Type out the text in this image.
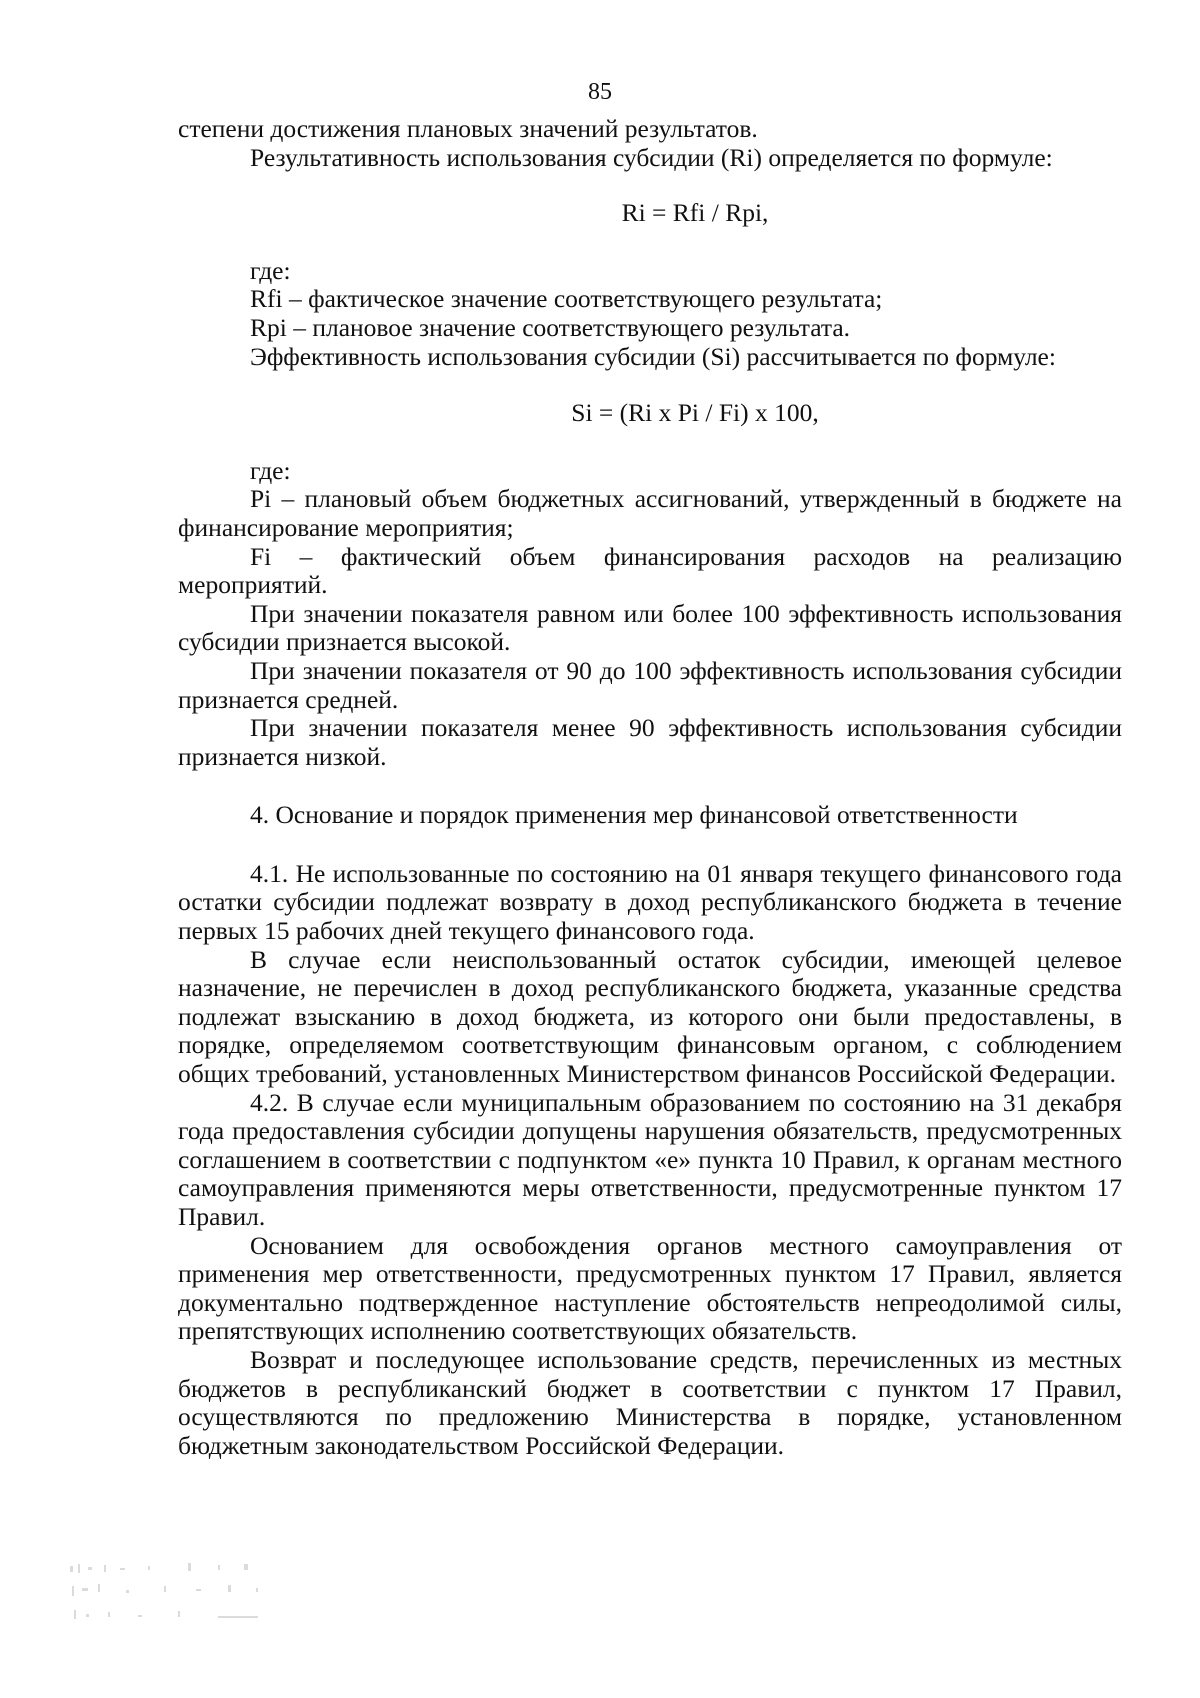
85

степени достижения плановых значений результатов.

Результативность использования субсидии (Ri) определяется по формуле:

Ri = Rfi / Rpi,

где:

Rfi – фактическое значение соответствующего результата;

Rpi – плановое значение соответствующего результата.

Эффективность использования субсидии (Si) рассчитывается по формуле:

Si = (Ri x Pi / Fi) x 100,

где:

Pi – плановый объем бюджетных ассигнований, утвержденный в бюджете на финансирование мероприятия;

Fi – фактический объем финансирования расходов на реализацию мероприятий.

При значении показателя равном или более 100 эффективность использования субсидии признается высокой.

При значении показателя от 90 до 100 эффективность использования субсидии признается средней.

При значении показателя менее 90 эффективность использования субсидии признается низкой.

4. Основание и порядок применения мер финансовой ответственности

4.1. Не использованные по состоянию на 01 января текущего финансового года остатки субсидии подлежат возврату в доход республиканского бюджета в течение первых 15 рабочих дней текущего финансового года.

В случае если неиспользованный остаток субсидии, имеющей целевое назначение, не перечислен в доход республиканского бюджета, указанные средства подлежат взысканию в доход бюджета, из которого они были предоставлены, в порядке, определяемом соответствующим финансовым органом, с соблюдением общих требований, установленных Министерством финансов Российской Федерации.

4.2. В случае если муниципальным образованием по состоянию на 31 декабря года предоставления субсидии допущены нарушения обязательств, предусмотренных соглашением в соответствии с подпунктом «е» пункта 10 Правил, к органам местного самоуправления применяются меры ответственности, предусмотренные пунктом 17 Правил.

Основанием для освобождения органов местного самоуправления от применения мер ответственности, предусмотренных пунктом 17 Правил, является документально подтвержденное наступление обстоятельств непреодолимой силы, препятствующих исполнению соответствующих обязательств.

Возврат и последующее использование средств, перечисленных из местных бюджетов в республиканский бюджет в соответствии с пунктом 17 Правил, осуществляются по предложению Министерства в порядке, установленном бюджетным законодательством Российской Федерации.
